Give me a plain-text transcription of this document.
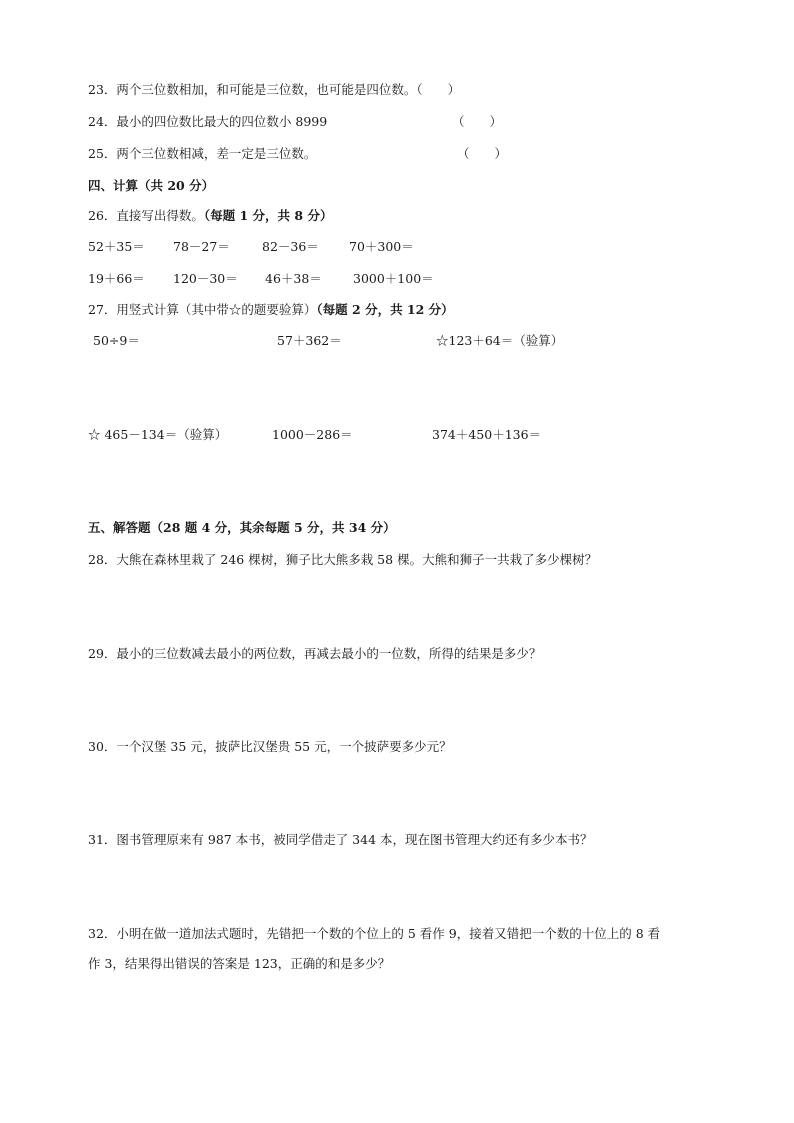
23．两个三位数相加，和可能是三位数，也可能是四位数。（　　）
24．最小的四位数比最大的四位数小 8999	（　　）
25．两个三位数相减，差一定是三位数。	（　　）
四、计算（共 20 分）
26．直接写出得数。（每题 1 分，共 8 分）
52＋35＝ 78－27＝	82－36＝ 70＋300＝
19＋66＝ 120－30＝ 46＋38＝ 3000＋100＝
27．用竖式计算（其中带☆的题要验算）（每题 2 分，共 12 分）
50÷9＝	57＋362＝	☆123＋64＝（验算）
☆ 465－134＝（验算）	1000－286＝	374＋450＋136＝
五、解答题（28 题 4 分，其余每题 5 分，共 34 分）
28．大熊在森林里栽了 246 棵树，狮子比大熊多栽 58 棵。大熊和狮子一共栽了多少棵树？
29．最小的三位数减去最小的两位数，再减去最小的一位数，所得的结果是多少？
30．一个汉堡 35 元，披萨比汉堡贵 55 元，一个披萨要多少元？
31．图书管理原来有 987 本书，被同学借走了 344 本，现在图书管理大约还有多少本书？
32．小明在做一道加法式题时，先错把一个数的个位上的 5 看作 9，接着又错把一个数的十位上的 8 看
作 3，结果得出错误的答案是 123，正确的和是多少？
